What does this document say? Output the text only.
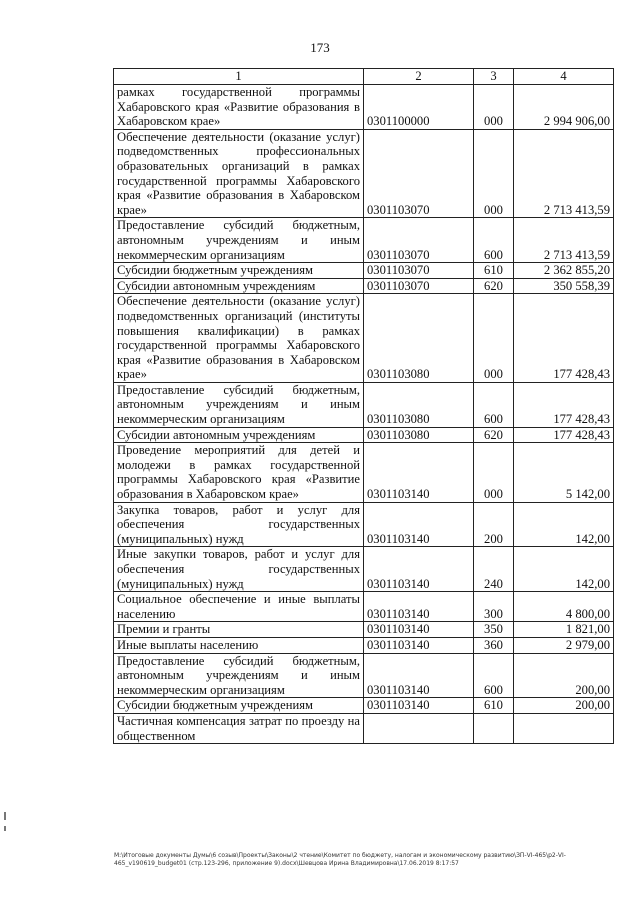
173
1	2	3	4
рамках государственной программы Хабаровского края «Развитие образования в Хабаровском крае»	0301100000	000	2 994 906,00
Обеспечение деятельности (оказание услуг) подведомственных профессиональных образовательных организаций в рамках государственной программы Хабаровского края «Развитие образования в Хабаровском крае»	0301103070	000	2 713 413,59
Предоставление субсидий бюджетным, автономным учреждениям и иным некоммерческим организациям	0301103070	600	2 713 413,59
Субсидии бюджетным учреждениям	0301103070	610	2 362 855,20
Субсидии автономным учреждениям	0301103070	620	350 558,39
Обеспечение деятельности (оказание услуг) подведомственных организаций (институты повышения квалификации) в рамках государственной программы Хабаровского края «Развитие образования в Хабаровском крае»	0301103080	000	177 428,43
Предоставление субсидий бюджетным, автономным учреждениям и иным некоммерческим организациям	0301103080	600	177 428,43
Субсидии автономным учреждениям	0301103080	620	177 428,43
Проведение мероприятий для детей и молодежи в рамках государственной программы Хабаровского края «Развитие образования в Хабаровском крае»	0301103140	000	5 142,00
Закупка товаров, работ и услуг для обеспечения государственных (муниципальных) нужд	0301103140	200	142,00
Иные закупки товаров, работ и услуг для обеспечения государственных (муниципальных) нужд	0301103140	240	142,00
Социальное обеспечение и иные выплаты населению	0301103140	300	4 800,00
Премии и гранты	0301103140	350	1 821,00
Иные выплаты населению	0301103140	360	2 979,00
Предоставление субсидий бюджетным, автономным учреждениям и иным некоммерческим организациям	0301103140	600	200,00
Субсидии бюджетным учреждениям	0301103140	610	200,00
Частичная компенсация затрат по проезду на общественном			
M:\Итоговые документы Думы\6 созыв\Проекты\Законы\2 чтение\Комитет по бюджету, налогам и экономическому развитию\ЗП-VI-465\р2-VI-465_v190619_budget01 (стр.123-296, приложение 9).docx\Шевцова Ирина Владимировна\17.06.2019 8:17:57
